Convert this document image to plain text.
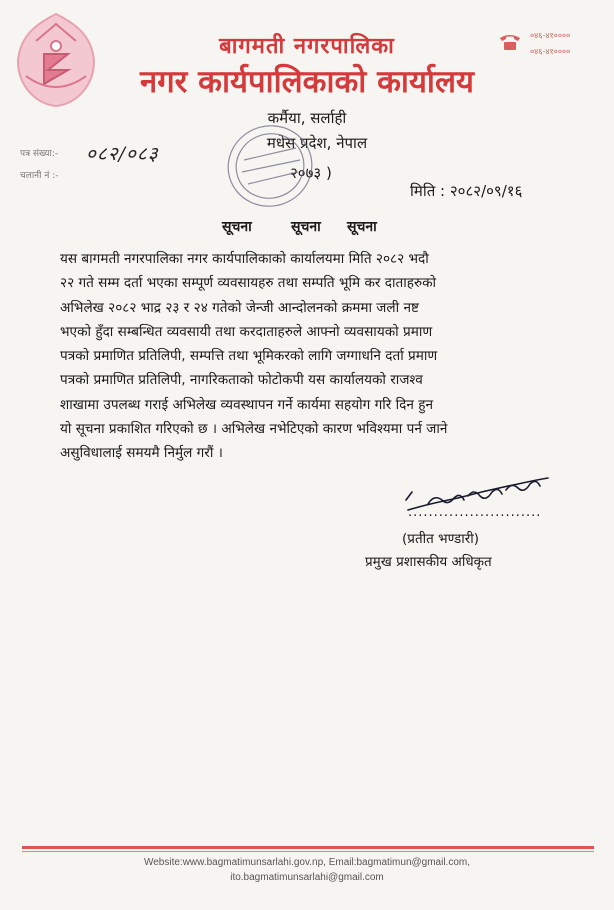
बागमती नगरपालिका
नगर कार्यपालिकाको कार्यालय
०४६-४१००००
०४६-४१००००
कर्मैया, सर्लाही
मधेस प्रदेश, नेपाल
२०७३ )
पत्र संख्या:-
चलानी नं :-
०८२/०८३
मिति : २०८२/०९/१६
सूचना	सूचना सूचना
यस बागमती नगरपालिका नगर कार्यपालिकाको कार्यालयमा मिति २०८२ भदौ
२२ गते सम्म दर्ता भएका सम्पूर्ण व्यवसायहरु तथा सम्पति भूमि कर दाताहरुको
अभिलेख २०८२ भाद्र २३ र २४ गतेको जेन्जी आन्दोलनको क्रममा जली नष्ट
भएको हुँदा सम्बन्धित व्यवसायी तथा करदाताहरुले आफ्नो व्यवसायको प्रमाण
पत्रको प्रमाणित प्रतिलिपी, सम्पत्ति तथा भूमिकरको लागि जग्गाधनि दर्ता प्रमाण
पत्रको प्रमाणित प्रतिलिपी, नागरिकताको फोटोकपी यस कार्यालयको राजश्व
शाखामा उपलब्ध गराई अभिलेख व्यवस्थापन गर्ने कार्यमा सहयोग गरि दिन हुन
यो सूचना प्रकाशित गरिएको छ । अभिलेख नभेटिएको कारण भविश्यमा पर्न जाने
असुविधालाई समयमै निर्मुल गरौं ।
..........................
(प्रतीत भण्डारी)
प्रमुख प्रशासकीय अधिकृत
Website:www.bagmatimunsarlahi.gov.np, Email:bagmatimun@gmail.com,
ito.bagmatimunsarlahi@gmail.com
